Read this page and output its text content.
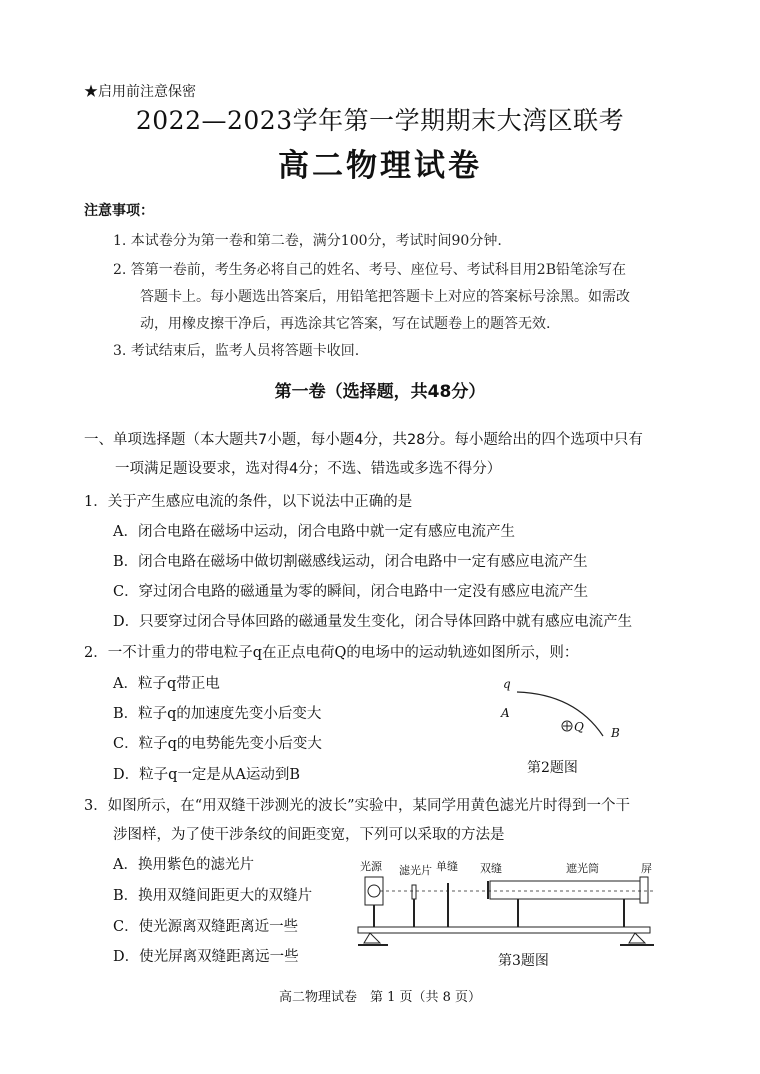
★启用前注意保密
2022—2023学年第一学期期末大湾区联考
高二物理试卷
注意事项：
1. 本试卷分为第一卷和第二卷，满分100分，考试时间90分钟.
2. 答第一卷前，考生务必将自己的姓名、考号、座位号、考试科目用2B铅笔涂写在
答题卡上。每小题选出答案后，用铅笔把答题卡上对应的答案标号涂黑。如需改
动，用橡皮擦干净后，再选涂其它答案，写在试题卷上的题答无效.
3. 考试结束后，监考人员将答题卡收回.
第一卷（选择题，共48分）
一、单项选择题（本大题共7小题，每小题4分，共28分。每小题给出的四个选项中只有
一项满足题设要求，选对得4分；不选、错选或多选不得分）
1．关于产生感应电流的条件，以下说法中正确的是
A．闭合电路在磁场中运动，闭合电路中就一定有感应电流产生
B．闭合电路在磁场中做切割磁感线运动，闭合电路中一定有感应电流产生
C．穿过闭合电路的磁通量为零的瞬间，闭合电路中一定没有感应电流产生
D．只要穿过闭合导体回路的磁通量发生变化，闭合导体回路中就有感应电流产生
2．一不计重力的带电粒子q在正点电荷Q的电场中的运动轨迹如图所示，则：
A．粒子q带正电
B．粒子q的加速度先变小后变大
C．粒子q的电势能先变小后变大
D．粒子q一定是从A运动到B
q
A
Q B
第2题图
3．如图所示，在“用双缝干涉测光的波长”实验中，某同学用黄色滤光片时得到一个干
涉图样，为了使干涉条纹的间距变宽，下列可以采取的方法是
A．换用紫色的滤光片
B．换用双缝间距更大的双缝片
C．使光源离双缝距离近一些
D．使光屏离双缝距离远一些
光源 滤光片 单缝 双缝	遮光筒	屏
第3题图
高二物理试卷　第 1 页（共 8 页）
